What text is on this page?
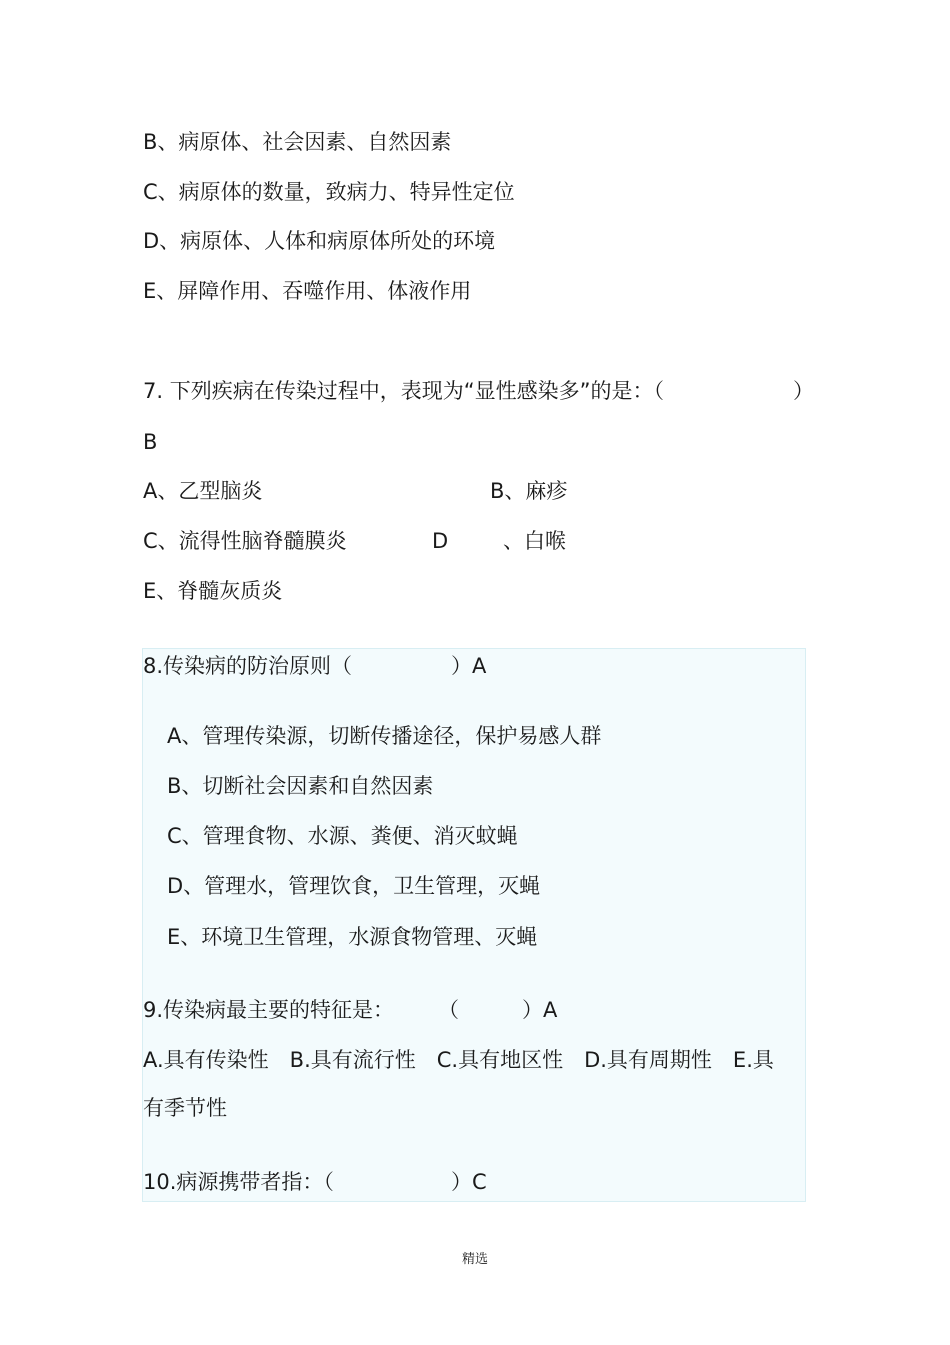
B、病原体、社会因素、自然因素
C、病原体的数量，致病力、特异性定位
D、病原体、人体和病原体所处的环境
E、屏障作用、吞噬作用、体液作用
7. 下列疾病在传染过程中，表现为“显性感染多”的是：（	）
B
A、乙型脑炎	B、麻疹
C、流得性脑脊髓膜炎	D	、白喉
E、脊髓灰质炎
8.传染病的防治原则（	）A
A、管理传染源，切断传播途径，保护易感人群
B、切断社会因素和自然因素
C、管理食物、水源、粪便、消灭蚊蝇
D、管理水，管理饮食，卫生管理，灭蝇
E、环境卫生管理，水源食物管理、灭蝇
9.传染病最主要的特征是： （　　　）A
A.具有传染性　B.具有流行性　C.具有地区性　D.具有周期性　E.具
有季节性
10.病源携带者指：（	）C
精选
